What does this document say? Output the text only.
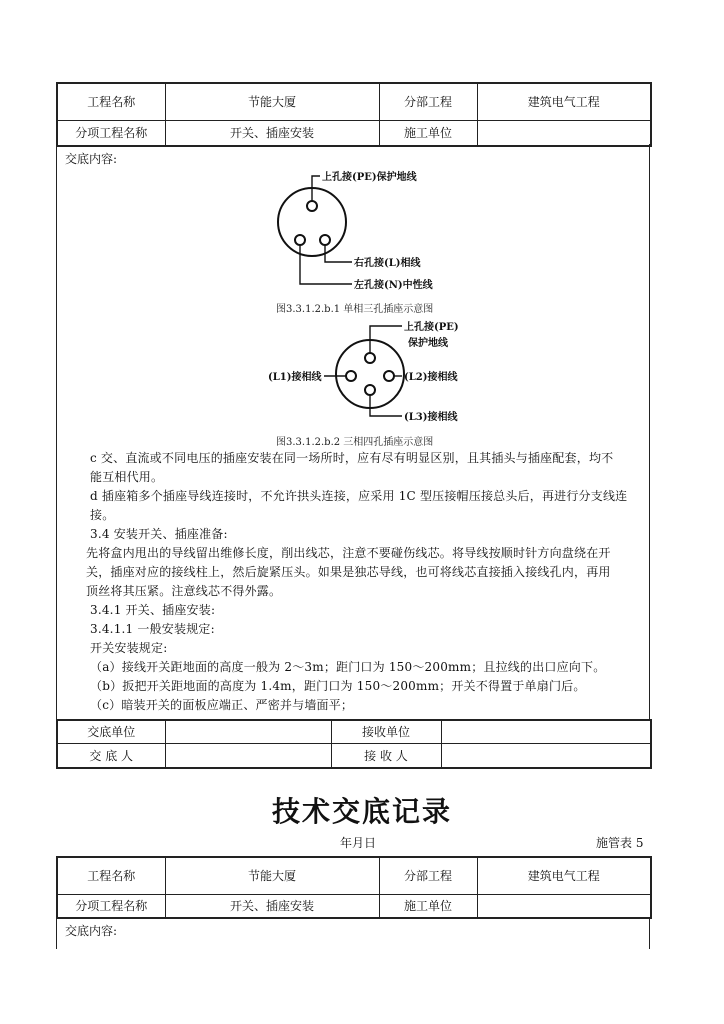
工程名称	节能大厦	分部工程	建筑电气工程
分项工程名称	开关、插座安装	施工单位	
交底内容:
上孔接(PE)保护地线
右孔接(L)相线
左孔接(N)中性线
图3.3.1.2.b.1 单相三孔插座示意图
上孔接(PE)
保护地线
(L1)接相线	(L2)接相线
(L3)接相线
图3.3.1.2.b.2 三相四孔插座示意图
c 交、直流或不同电压的插座安装在同一场所时，应有尽有明显区别，且其插头与插座配套，均不
能互相代用。
d 插座箱多个插座导线连接时，不允许拱头连接，应采用 1C 型压接帽压接总头后，再进行分支线连
接。
3.4 安装开关、插座准备:
先将盒内甩出的导线留出维修长度，削出线芯，注意不要碰伤线芯。将导线按顺时针方向盘绕在开
关，插座对应的接线柱上，然后旋紧压头。如果是独芯导线，也可将线芯直接插入接线孔内，再用
顶丝将其压紧。注意线芯不得外露。
3.4.1 开关、插座安装:
3.4.1.1 一般安装规定:
开关安装规定:
（a）接线开关距地面的高度一般为 2～3m；距门口为 150～200mm；且拉线的出口应向下。
（b）扳把开关距地面的高度为 1.4m，距门口为 150～200mm；开关不得置于单扇门后。
（c）暗装开关的面板应端正、严密并与墙面平；
交底单位		接收单位	
交 底 人		接 收 人	
技术交底记录
年月日	施管表 5
工程名称	节能大厦	分部工程	建筑电气工程
分项工程名称	开关、插座安装	施工单位	
交底内容:
